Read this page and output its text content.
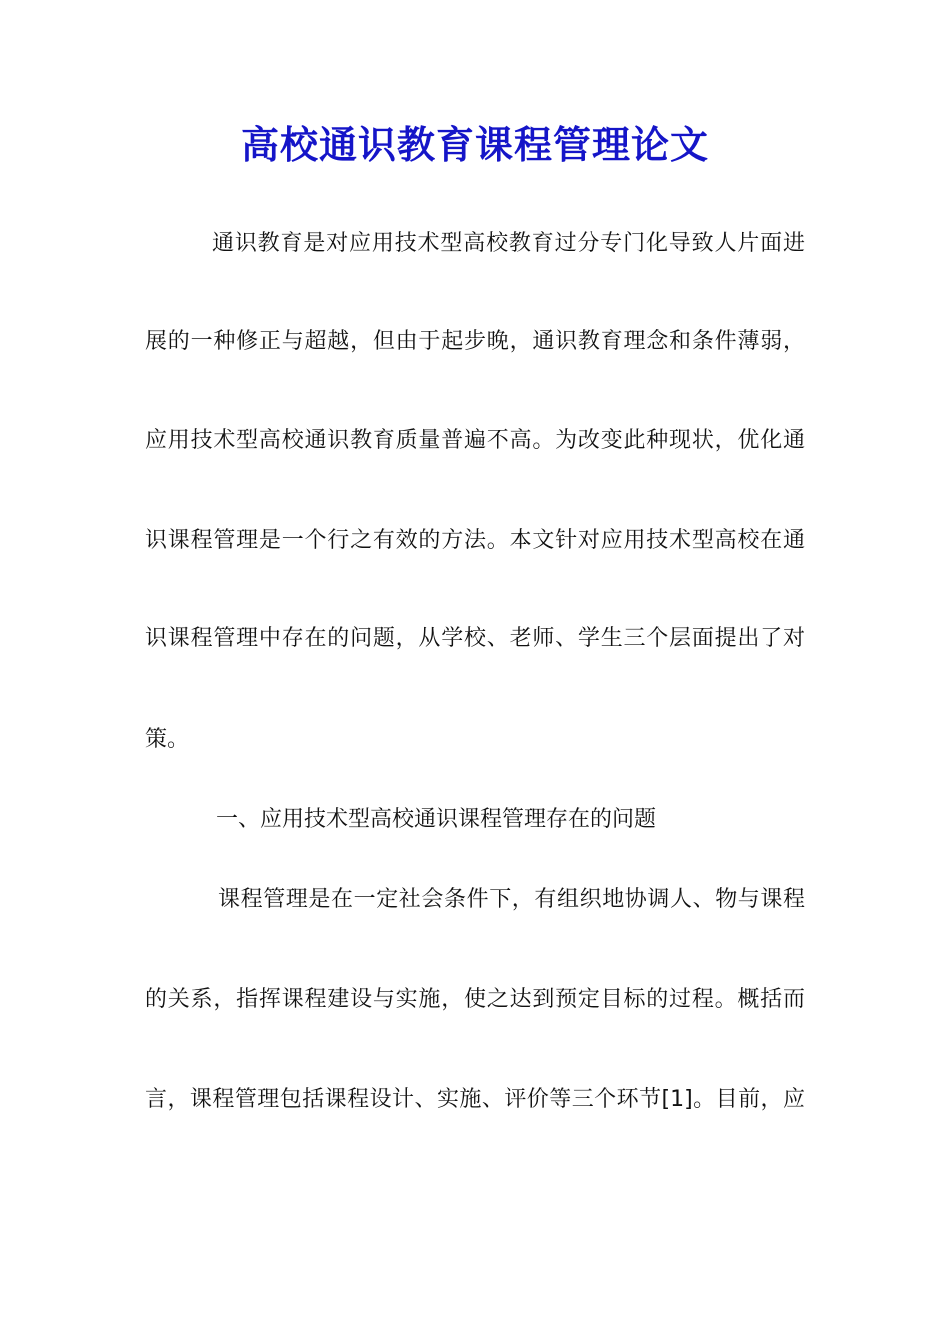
高校通识教育课程管理论文
通识教育是对应用技术型高校教育过分专门化导致人片面进
展的一种修正与超越，但由于起步晚，通识教育理念和条件薄弱，
应用技术型高校通识教育质量普遍不高。为改变此种现状，优化通
识课程管理是一个行之有效的方法。本文针对应用技术型高校在通
识课程管理中存在的问题，从学校、老师、学生三个层面提出了对
策。
一、应用技术型高校通识课程管理存在的问题
课程管理是在一定社会条件下，有组织地协调人、物与课程
的关系，指挥课程建设与实施，使之达到预定目标的过程。概括而
言，课程管理包括课程设计、实施、评价等三个环节[1]。目前，应
